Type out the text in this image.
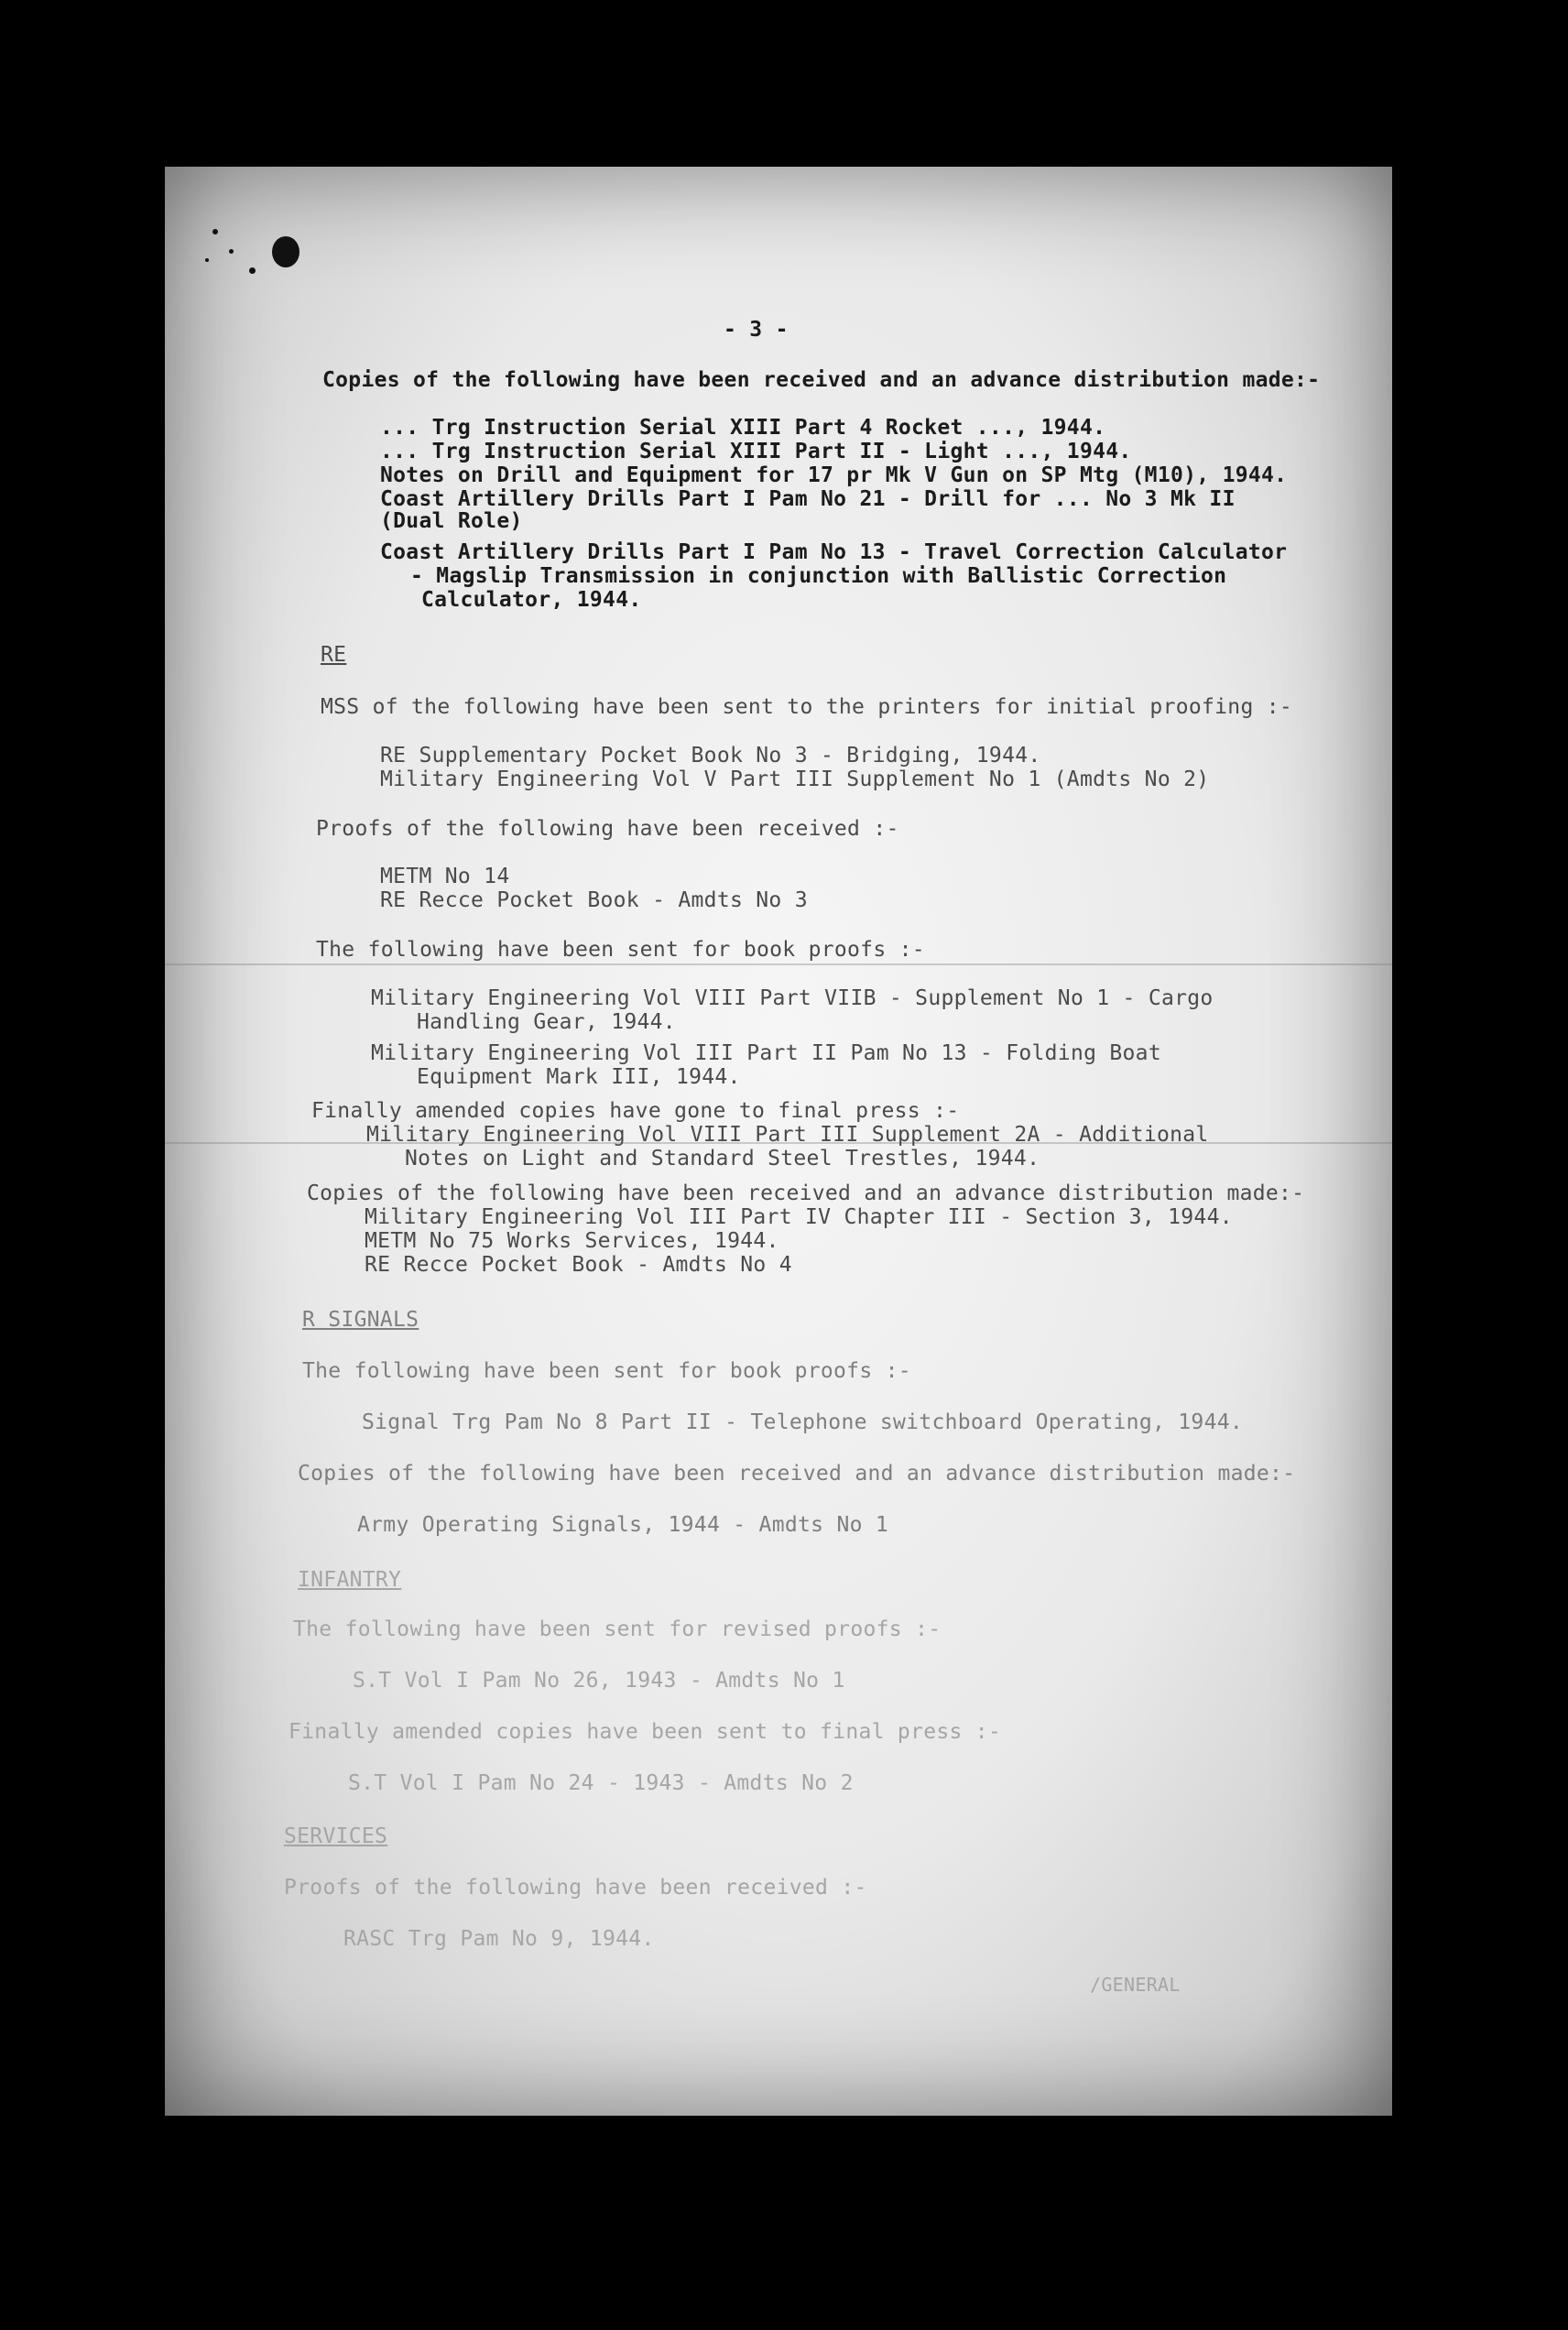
- 3 -
Copies of the following have been received and an advance distribution made:-
... Trg Instruction Serial XIII Part 4 Rocket ..., 1944.
... Trg Instruction Serial XIII Part II - Light ..., 1944.
Notes on Drill and Equipment for 17 pr Mk V Gun on SP Mtg (M10), 1944.
Coast Artillery Drills Part I Pam No 21 - Drill for ... No 3 Mk II
(Dual Role)
Coast Artillery Drills Part I Pam No 13 - Travel Correction Calculator
- Magslip Transmission in conjunction with Ballistic Correction
Calculator, 1944.
RE
MSS of the following have been sent to the printers for initial proofing :-
RE Supplementary Pocket Book No 3 - Bridging, 1944.
Military Engineering Vol V Part III Supplement No 1 (Amdts No 2)
Proofs of the following have been received :-
METM No 14
RE Recce Pocket Book - Amdts No 3
The following have been sent for book proofs :-
Military Engineering Vol VIII Part VIIB - Supplement No 1 - Cargo
Handling Gear, 1944.
Military Engineering Vol III Part II Pam No 13 - Folding Boat
Equipment Mark III, 1944.
Finally amended copies have gone to final press :-
Military Engineering Vol VIII Part III Supplement 2A - Additional
Notes on Light and Standard Steel Trestles, 1944.
Copies of the following have been received and an advance distribution made:-
Military Engineering Vol III Part IV Chapter III - Section 3, 1944.
METM No 75 Works Services, 1944.
RE Recce Pocket Book - Amdts No 4
R SIGNALS
The following have been sent for book proofs :-
Signal Trg Pam No 8 Part II - Telephone switchboard Operating, 1944.
Copies of the following have been received and an advance distribution made:-
Army Operating Signals, 1944 - Amdts No 1
INFANTRY
The following have been sent for revised proofs :-
S.T Vol I Pam No 26, 1943 - Amdts No 1
Finally amended copies have been sent to final press :-
S.T Vol I Pam No 24 - 1943 - Amdts No 2
SERVICES
Proofs of the following have been received :-
RASC Trg Pam No 9, 1944.
/GENERAL
